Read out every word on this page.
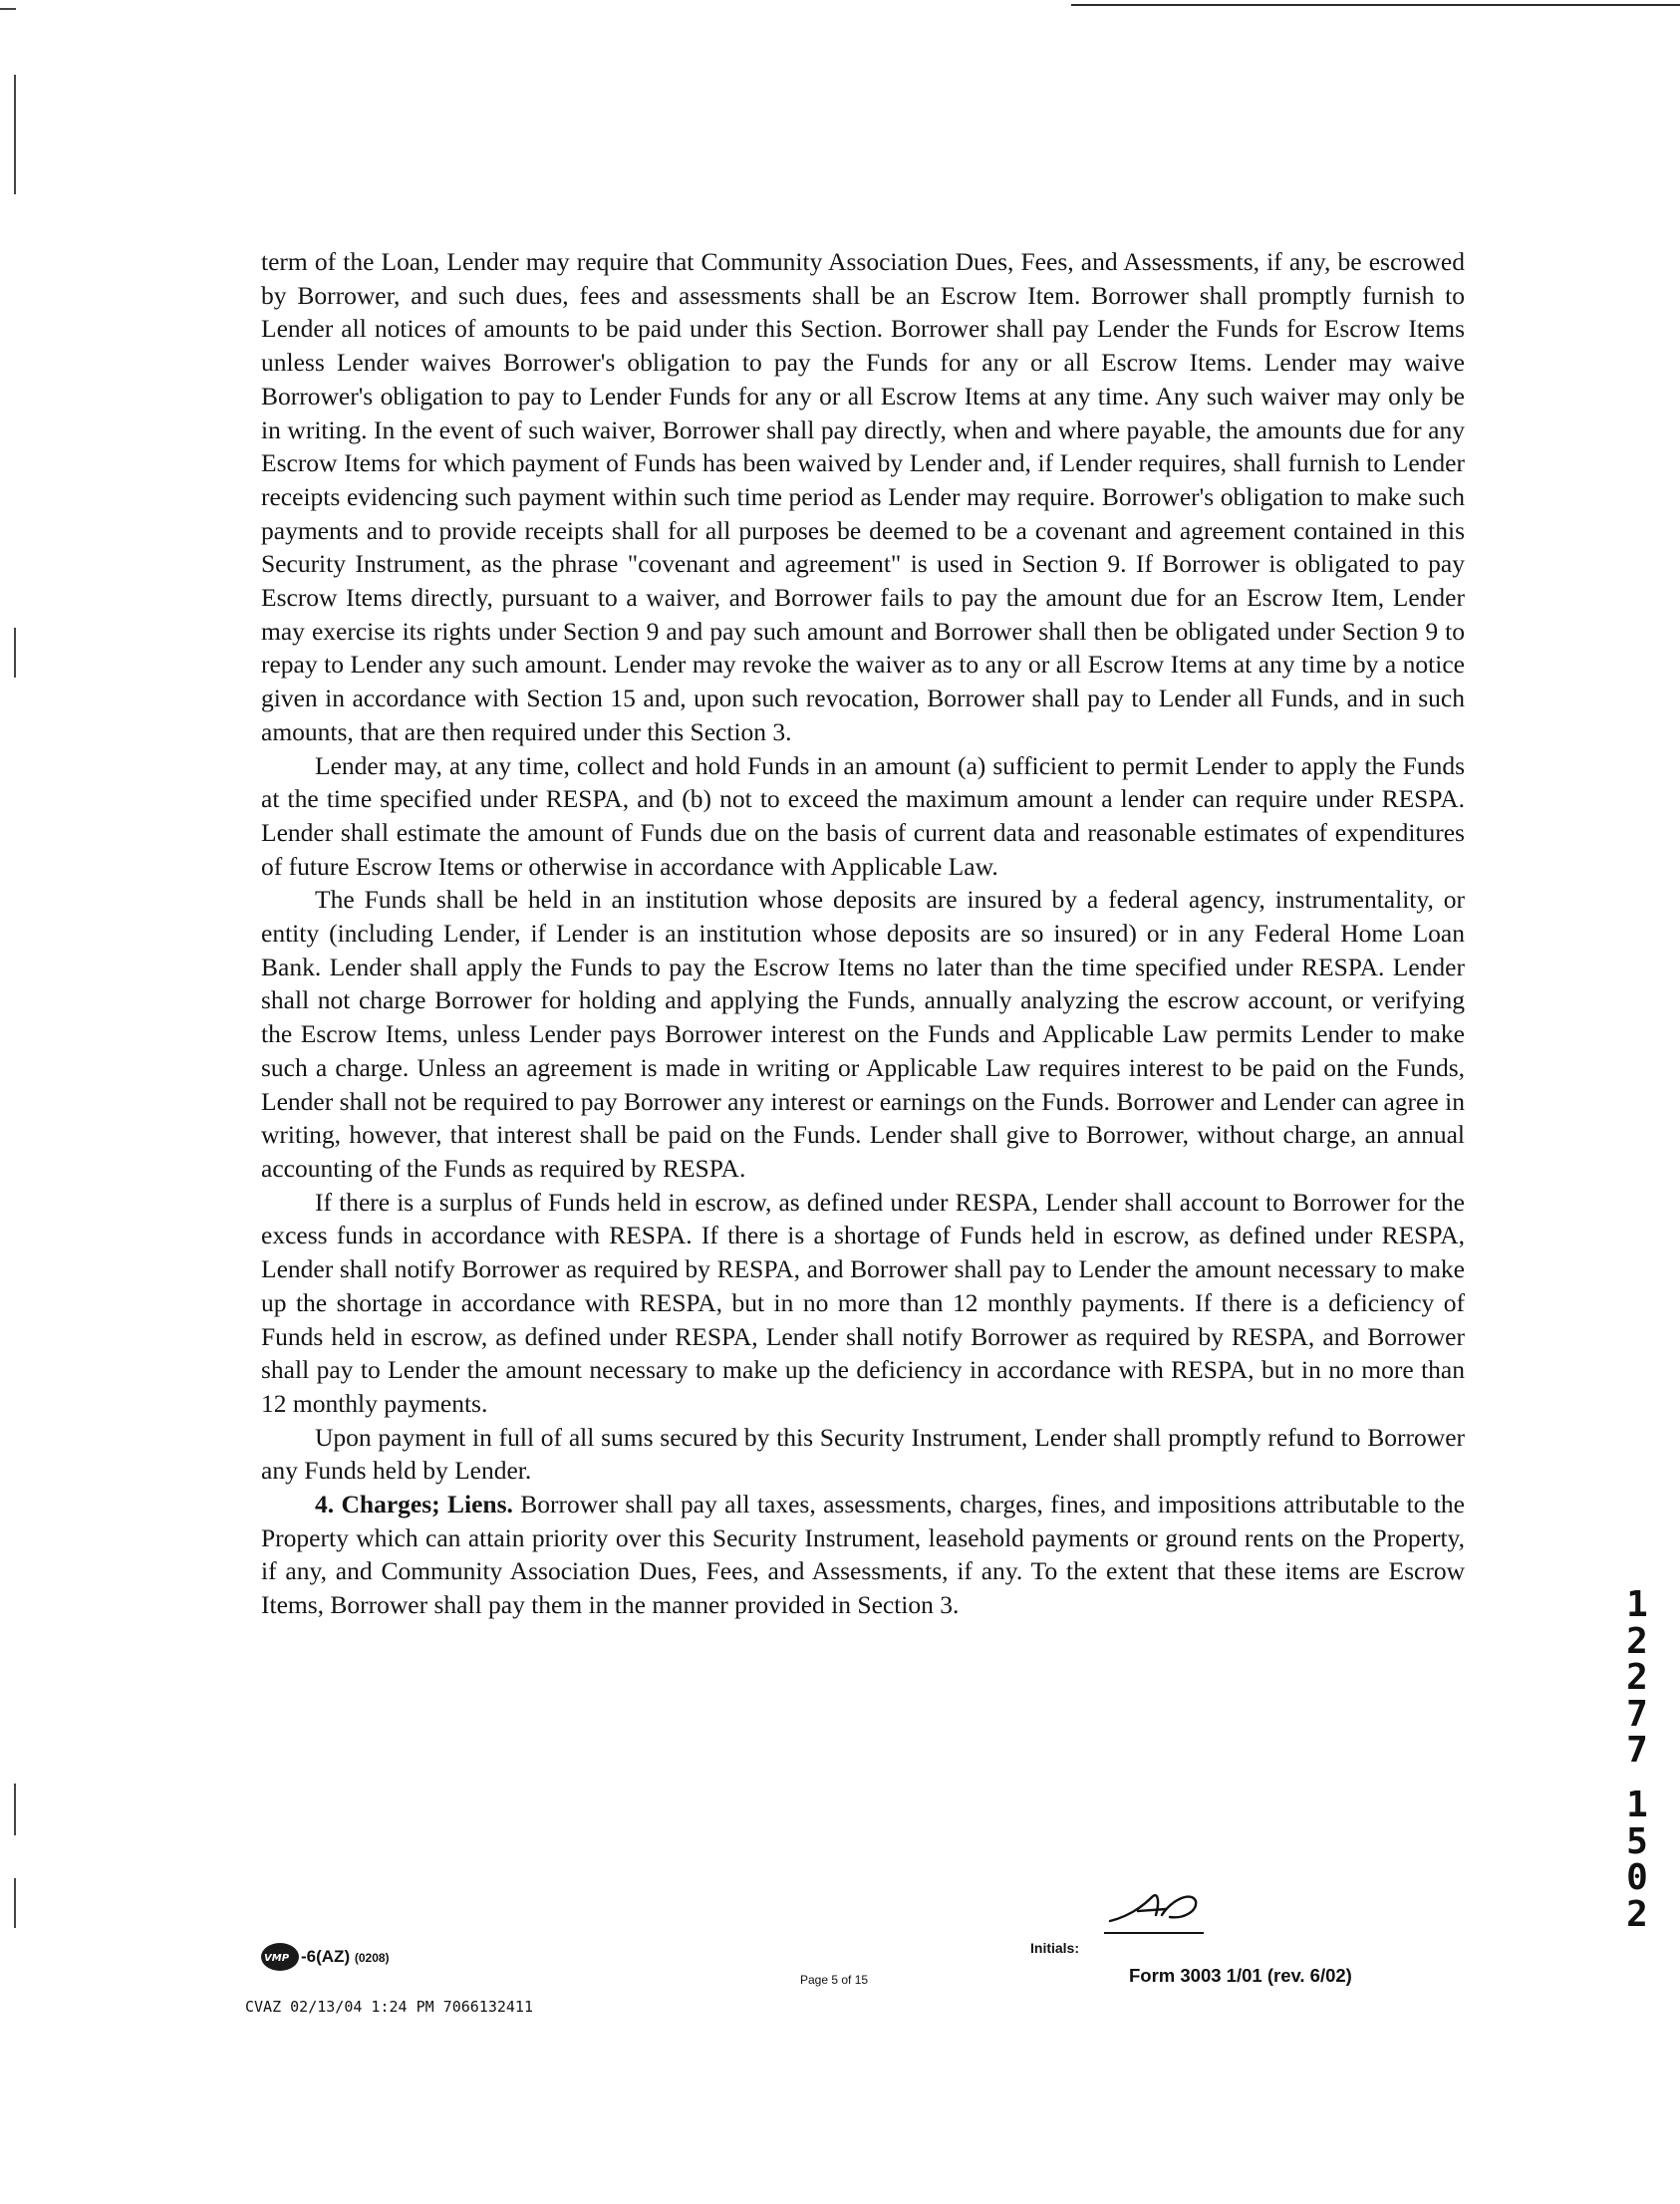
term of the Loan, Lender may require that Community Association Dues, Fees, and Assessments, if any, be escrowed by Borrower, and such dues, fees and assessments shall be an Escrow Item. Borrower shall promptly furnish to Lender all notices of amounts to be paid under this Section. Borrower shall pay Lender the Funds for Escrow Items unless Lender waives Borrower's obligation to pay the Funds for any or all Escrow Items. Lender may waive Borrower's obligation to pay to Lender Funds for any or all Escrow Items at any time. Any such waiver may only be in writing. In the event of such waiver, Borrower shall pay directly, when and where payable, the amounts due for any Escrow Items for which payment of Funds has been waived by Lender and, if Lender requires, shall furnish to Lender receipts evidencing such payment within such time period as Lender may require. Borrower's obligation to make such payments and to provide receipts shall for all purposes be deemed to be a covenant and agreement contained in this Security Instrument, as the phrase "covenant and agreement" is used in Section 9. If Borrower is obligated to pay Escrow Items directly, pursuant to a waiver, and Borrower fails to pay the amount due for an Escrow Item, Lender may exercise its rights under Section 9 and pay such amount and Borrower shall then be obligated under Section 9 to repay to Lender any such amount. Lender may revoke the waiver as to any or all Escrow Items at any time by a notice given in accordance with Section 15 and, upon such revocation, Borrower shall pay to Lender all Funds, and in such amounts, that are then required under this Section 3.

Lender may, at any time, collect and hold Funds in an amount (a) sufficient to permit Lender to apply the Funds at the time specified under RESPA, and (b) not to exceed the maximum amount a lender can require under RESPA. Lender shall estimate the amount of Funds due on the basis of current data and reasonable estimates of expenditures of future Escrow Items or otherwise in accordance with Applicable Law.

The Funds shall be held in an institution whose deposits are insured by a federal agency, instrumentality, or entity (including Lender, if Lender is an institution whose deposits are so insured) or in any Federal Home Loan Bank. Lender shall apply the Funds to pay the Escrow Items no later than the time specified under RESPA. Lender shall not charge Borrower for holding and applying the Funds, annually analyzing the escrow account, or verifying the Escrow Items, unless Lender pays Borrower interest on the Funds and Applicable Law permits Lender to make such a charge. Unless an agreement is made in writing or Applicable Law requires interest to be paid on the Funds, Lender shall not be required to pay Borrower any interest or earnings on the Funds. Borrower and Lender can agree in writing, however, that interest shall be paid on the Funds. Lender shall give to Borrower, without charge, an annual accounting of the Funds as required by RESPA.

If there is a surplus of Funds held in escrow, as defined under RESPA, Lender shall account to Borrower for the excess funds in accordance with RESPA. If there is a shortage of Funds held in escrow, as defined under RESPA, Lender shall notify Borrower as required by RESPA, and Borrower shall pay to Lender the amount necessary to make up the shortage in accordance with RESPA, but in no more than 12 monthly payments. If there is a deficiency of Funds held in escrow, as defined under RESPA, Lender shall notify Borrower as required by RESPA, and Borrower shall pay to Lender the amount necessary to make up the deficiency in accordance with RESPA, but in no more than 12 monthly payments.

Upon payment in full of all sums secured by this Security Instrument, Lender shall promptly refund to Borrower any Funds held by Lender.

4. Charges; Liens. Borrower shall pay all taxes, assessments, charges, fines, and impositions attributable to the Property which can attain priority over this Security Instrument, leasehold payments or ground rents on the Property, if any, and Community Association Dues, Fees, and Assessments, if any. To the extent that these items are Escrow Items, Borrower shall pay them in the manner provided in Section 3.	1
2
2
7
7
1
5
0
2
VMP -6(AZ) (0208)
Page 5 of 15
Initials:
Form 3003 1/01 (rev. 6/02)
CVAZ 02/13/04 1:24 PM 7066132411
